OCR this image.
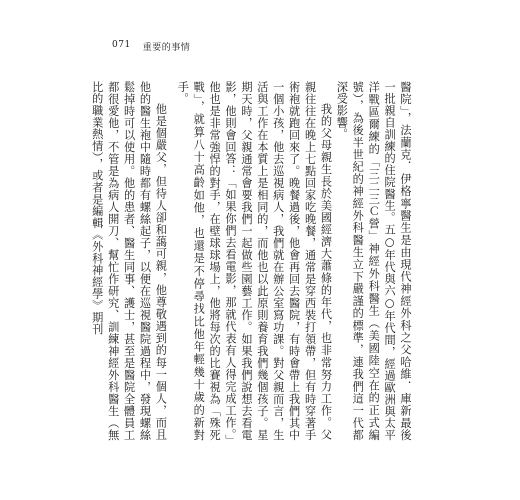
071 重要的事情

醫院」，法蘭克．伊格寧醫生是由現代神經外科之父哈維．庫新最後一批親自訓練的住院醫生。五○年代與六○年代間，經過歐洲與太平洋戰區爾練的「三二三Ｃ營」神經外科醫生（美國陸空在的正式編號），為後半世紀的神經外科醫生立下嚴謹的標準，連我們這一代都深受影響。

我的父母親生長於美國經濟大蕭條的年代，也非常努力工作。父親往往在晚上七點回家吃晚餐，通常是穿西裝打領帶，但有時穿著手術袍就跑回來了。晚餐過後，他會再回去醫院，有時會帶上我們其中一個小孩，他去巡視病人，我們就在辦公室寫功課。對父親而言，生活與工作在本質上是相同的，而他也以此原則養育我們幾個孩子。星期天時，父親通常會要我們一起做些園藝工作。如果我們說想去看電影，他則會回答：「如果你們去看電影，那就代表有人得完成工作。」他也是非常強悍的對手，在壁球球場上，他將每次的比賽視為「殊死戰」，就算八十高齡如他，也還是不停尋找比他年輕幾十歲的新對手。

他是個嚴父，但待人卻和藹可親，他尊敬遇到的每一個人，而且他的醫生袍中隨時都有螺絲起子，以便在巡視醫院過程中，發現螺絲鬆掉時可以使用。他的患者、醫生同事、護士，甚至是醫院全體員工都很愛他，不管是為病人開刀、幫忙作研究、訓練神經外科醫生（無比的職業熱情），或者是編輯《外科神經學》期刊
